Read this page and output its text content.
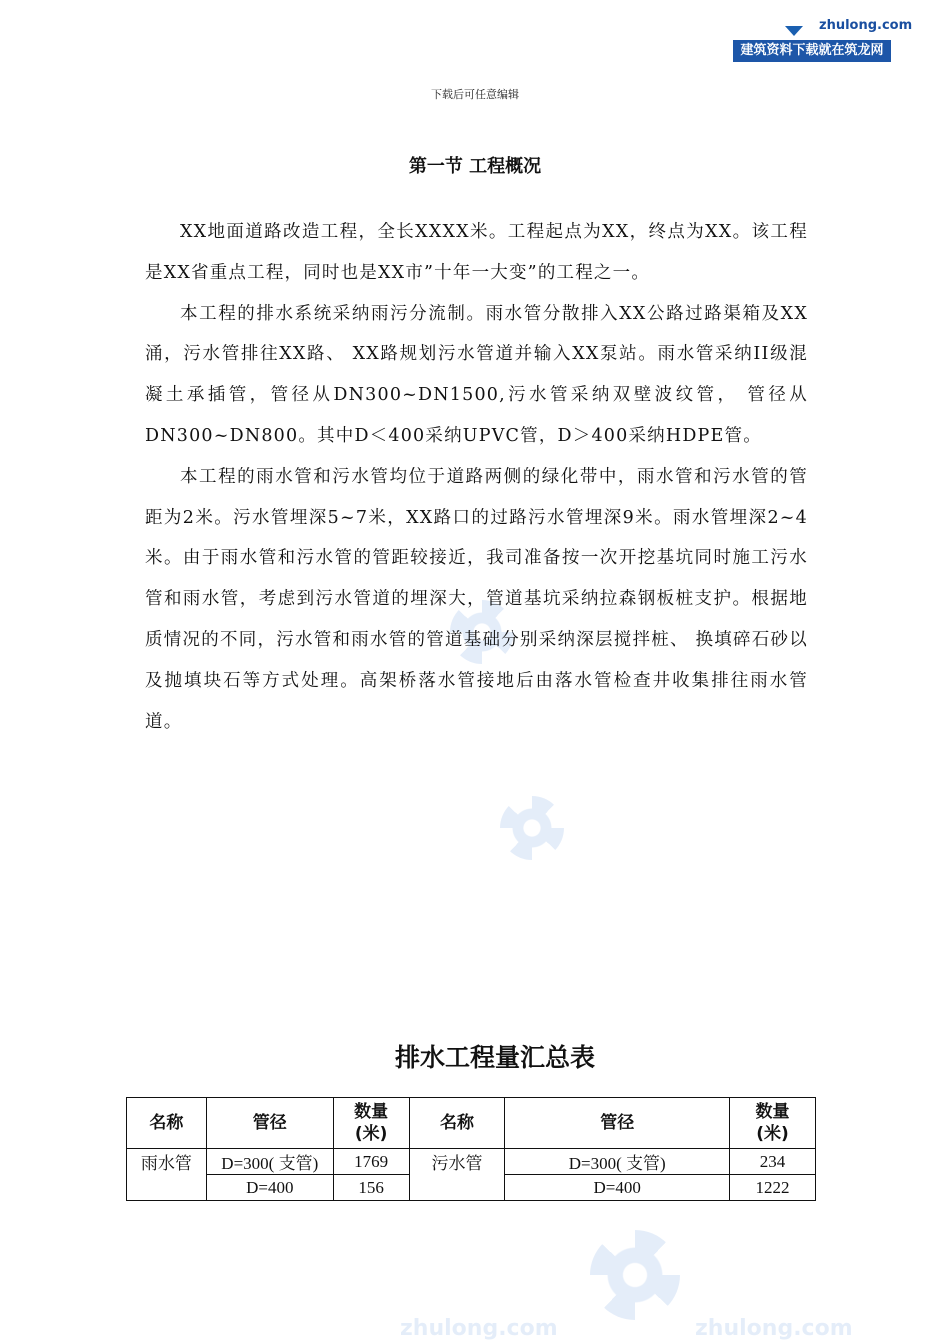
zhulong.com
建筑资料下载就在筑龙网
下载后可任意编辑
第一节 工程概况
zhulong.com	zhulong.com

XX地面道路改造工程，全长XXXX米。工程起点为XX，终点为XX。该工程是XX省重点工程，同时也是XX市”十年一大变”的工程之一。

本工程的排水系统采纳雨污分流制。雨水管分散排入XX公路过路渠箱及XX涌，污水管排往XX路、 XX路规划污水管道并输入XX泵站。雨水管采纳II级混凝土承插管，管径从DN300~DN1500,污水管采纳双壁波纹管， 管径从DN300~DN800。其中D＜400采纳UPVC管，D＞400采纳HDPE管。

本工程的雨水管和污水管均位于道路两侧的绿化带中，雨水管和污水管的管距为2米。污水管埋深5~7米，XX路口的过路污水管埋深9米。雨水管埋深2~4米。由于雨水管和污水管的管距较接近，我司准备按一次开挖基坑同时施工污水管和雨水管，考虑到污水管道的埋深大，管道基坑采纳拉森钢板桩支护。根据地质情况的不同，污水管和雨水管的管道基础分别采纳深层搅拌桩、 换填碎石砂以及抛填块石等方式处理。高架桥落水管接地后由落水管检查井收集排往雨水管道。

排水工程量汇总表
名称	管径	数量(米)	名称	管径	数量(米)
雨水管	D=300( 支管)	1769	污水管	D=300( 支管)	234
	D=400	156		D=400	1222
